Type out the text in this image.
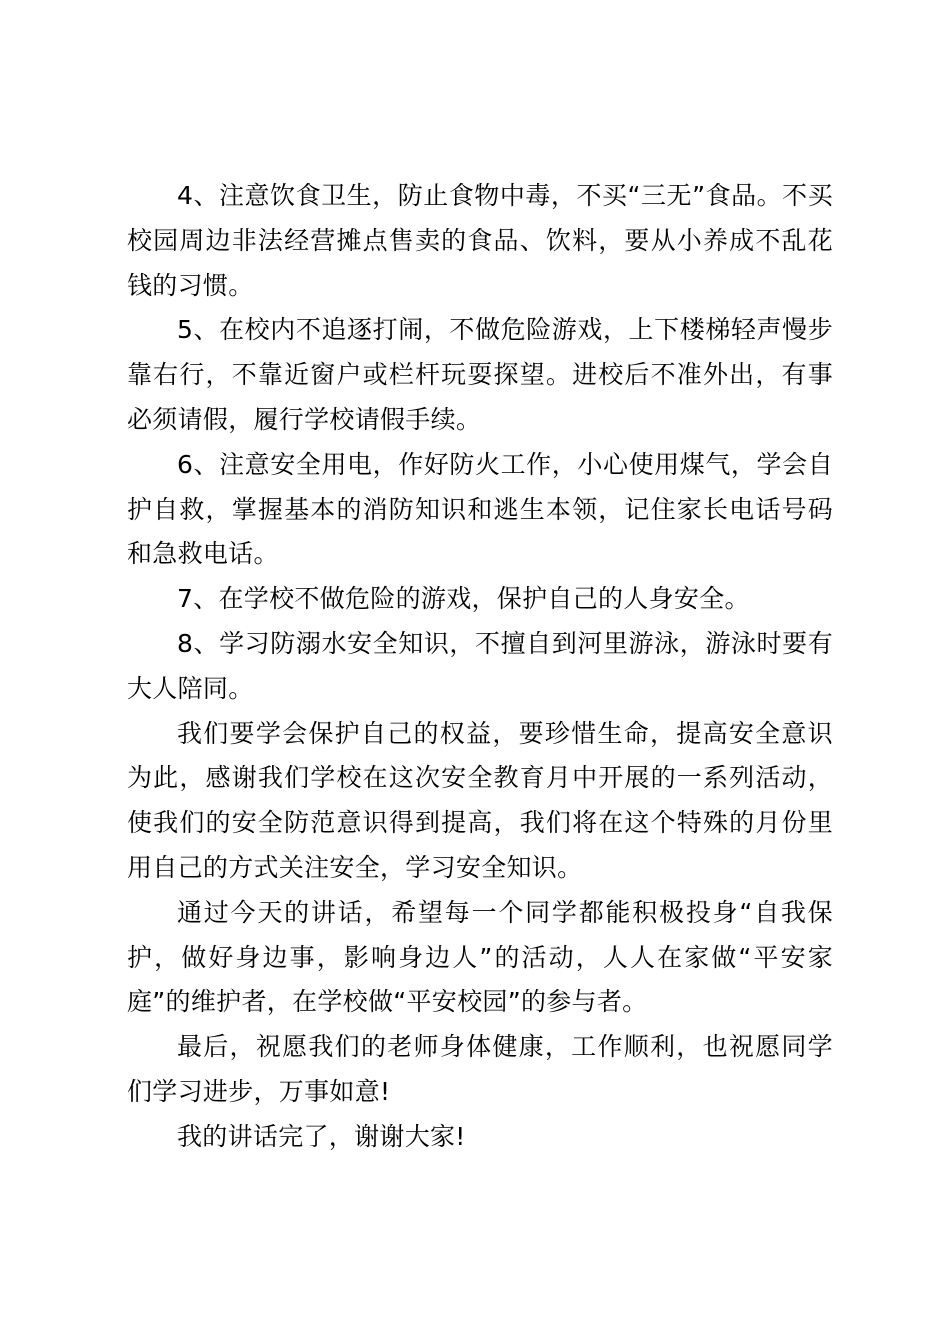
4、注意饮食卫生，防止食物中毒，不买“三无”食品。不买校园周边非法经营摊点售卖的食品、饮料，要从小养成不乱花钱的习惯。

5、在校内不追逐打闹，不做危险游戏，上下楼梯轻声慢步靠右行，不靠近窗户或栏杆玩耍探望。进校后不准外出，有事必须请假，履行学校请假手续。

6、注意安全用电，作好防火工作，小心使用煤气，学会自护自救，掌握基本的消防知识和逃生本领，记住家长电话号码和急救电话。

7、在学校不做危险的游戏，保护自己的人身安全。

8、学习防溺水安全知识，不擅自到河里游泳，游泳时要有大人陪同。

我们要学会保护自己的权益，要珍惜生命，提高安全意识为此，感谢我们学校在这次安全教育月中开展的一系列活动，使我们的安全防范意识得到提高，我们将在这个特殊的月份里用自己的方式关注安全，学习安全知识。

通过今天的讲话，希望每一个同学都能积极投身“自我保护，做好身边事，影响身边人”的活动，人人在家做“平安家庭”的维护者，在学校做“平安校园”的参与者。

最后，祝愿我们的老师身体健康，工作顺利，也祝愿同学们学习进步，万事如意!

我的讲话完了，谢谢大家!
